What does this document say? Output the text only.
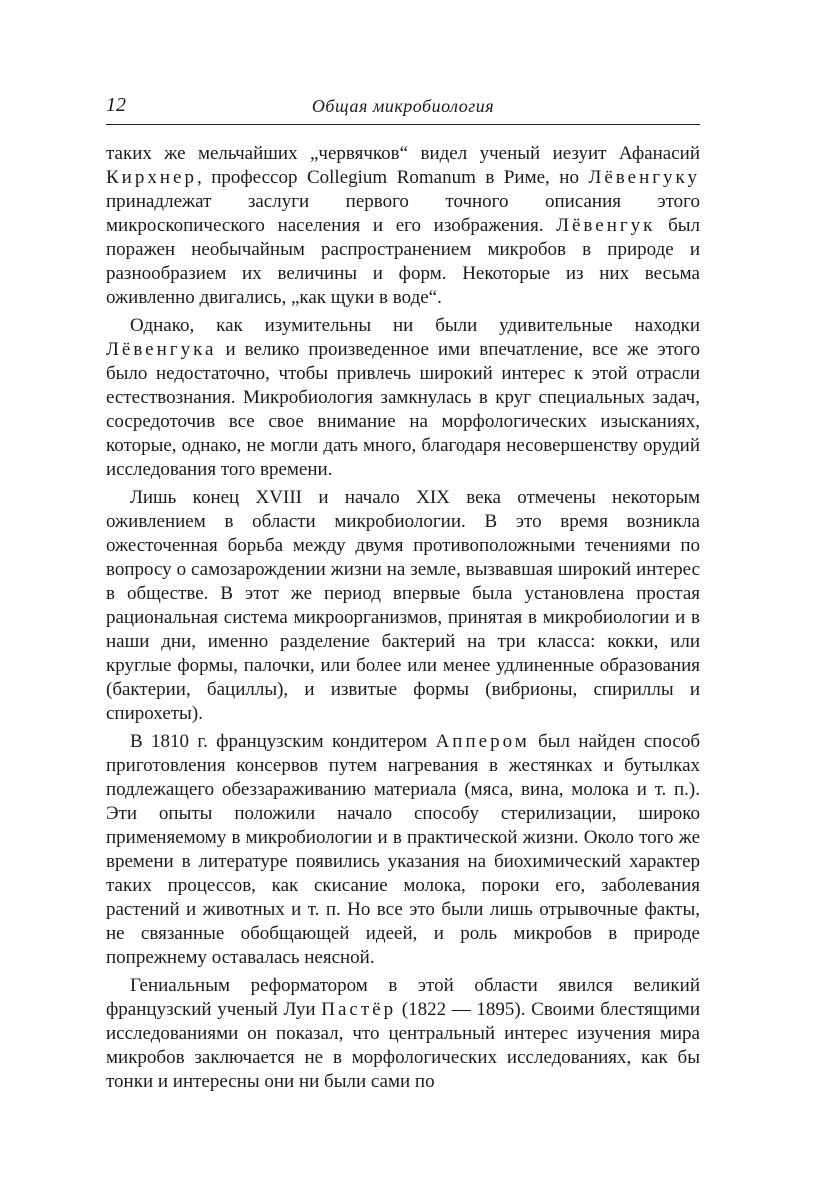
12	Общая микробиология

таких же мельчайших „червячков“ видел ученый иезуит Афанасий Кирхнер, профессор Collegium Romanum в Риме, но Лёвенгуку принадлежат заслуги первого точного описания этого микроскопического населения и его изображения. Лёвенгук был поражен необычайным распространением микробов в природе и разнообразием их величины и форм. Некоторые из них весьма оживленно двигались, „как щуки в воде“.

Однако, как изумительны ни были удивительные находки Лёвенгука и велико произведенное ими впечатление, все же этого было недостаточно, чтобы привлечь широкий интерес к этой отрасли естествознания. Микробиология замкнулась в круг специальных задач, сосредоточив все свое внимание на морфологических изысканиях, которые, однако, не могли дать много, благодаря несовершенству орудий исследования того времени.

Лишь конец XVIII и начало XIX века отмечены некоторым оживлением в области микробиологии. В это время возникла ожесточенная борьба между двумя противоположными течениями по вопросу о самозарождении жизни на земле, вызвавшая широкий интерес в обществе. В этот же период впервые была установлена простая рациональная система микроорганизмов, принятая в микробиологии и в наши дни, именно разделение бактерий на три класса: кокки, или круглые формы, палочки, или более или менее удлиненные образования (бактерии, бациллы), и извитые формы (вибрионы, спириллы и спирохеты).

В 1810 г. французским кондитером Аппером был найден способ приготовления консервов путем нагревания в жестянках и бутылках подлежащего обеззараживанию материала (мяса, вина, молока и т. п.). Эти опыты положили начало способу стерилизации, широко применяемому в микробиологии и в практической жизни. Около того же времени в литературе появились указания на биохимический характер таких процессов, как скисание молока, пороки его, заболевания растений и животных и т. п. Но все это были лишь отрывочные факты, не связанные обобщающей идеей, и роль микробов в природе попрежнему оставалась неясной.

Гениальным реформатором в этой области явился великий французский ученый Луи Пастёр (1822 — 1895). Своими блестящими исследованиями он показал, что центральный интерес изучения мира микробов заключается не в морфологических исследованиях, как бы тонки и интересны они ни были сами по
